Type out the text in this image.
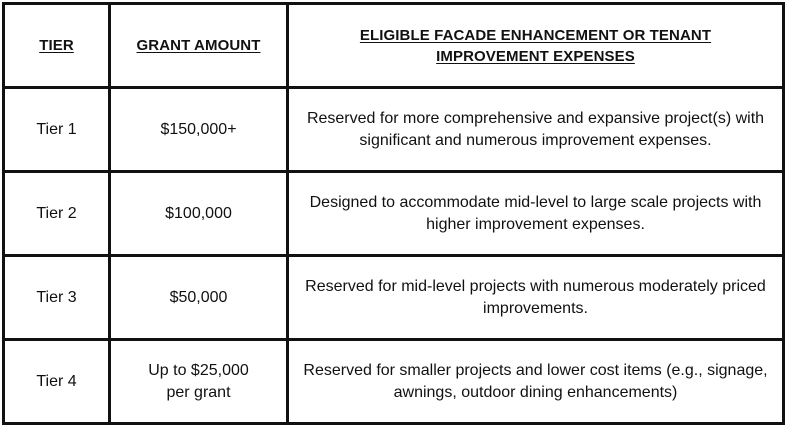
TIER	GRANT AMOUNT	ELIGIBLE FACADE ENHANCEMENT OR TENANT IMPROVEMENT EXPENSES
Tier 1	$150,000+	Reserved for more comprehensive and expansive project(s) with significant and numerous improvement expenses.
Tier 2	$100,000	Designed to accommodate mid-level to large scale projects with higher improvement expenses.
Tier 3	$50,000	Reserved for mid-level projects with numerous moderately priced improvements.
Tier 4	Up to $25,000 per grant	Reserved for smaller projects and lower cost items (e.g., signage, awnings, outdoor dining enhancements)
